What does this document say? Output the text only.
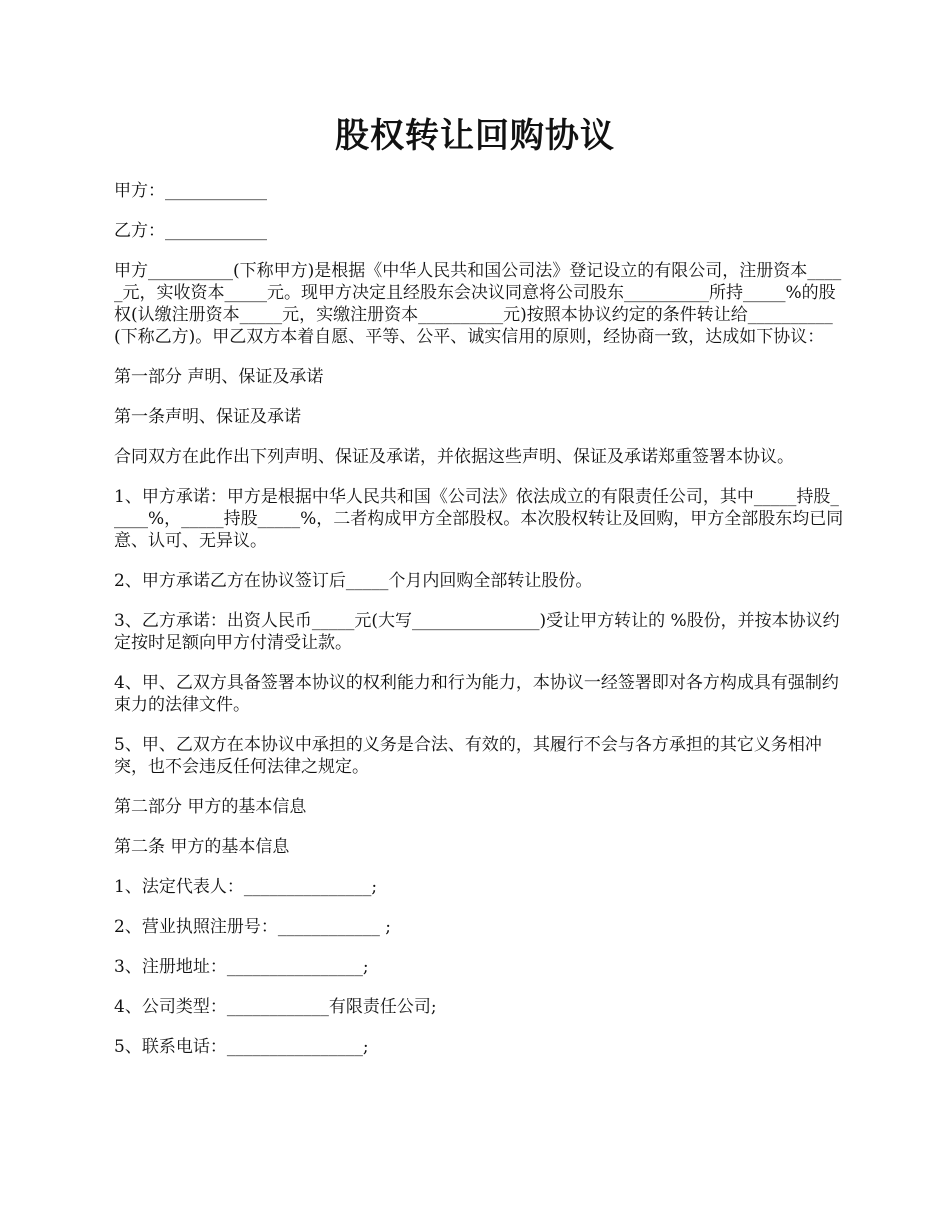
股权转让回购协议

甲方：____________

乙方：____________

甲方__________(下称甲方)是根据《中华人民共和国公司法》登记设立的有限公司，注册资本_____元，实收资本_____元。现甲方决定且经股东会决议同意将公司股东__________所持_____%的股权(认缴注册资本_____元，实缴注册资本__________元)按照本协议约定的条件转让给__________(下称乙方)。甲乙双方本着自愿、平等、公平、诚实信用的原则，经协商一致，达成如下协议：

第一部分 声明、保证及承诺

第一条声明、保证及承诺

合同双方在此作出下列声明、保证及承诺，并依据这些声明、保证及承诺郑重签署本协议。

1、甲方承诺：甲方是根据中华人民共和国《公司法》依法成立的有限责任公司，其中_____持股_____%，_____持股_____%，二者构成甲方全部股权。本次股权转让及回购，甲方全部股东均已同意、认可、无异议。

2、甲方承诺乙方在协议签订后_____个月内回购全部转让股份。

3、乙方承诺：出资人民币_____元(大写_______________)受让甲方转让的 %股份，并按本协议约定按时足额向甲方付清受让款。

4、甲、乙双方具备签署本协议的权利能力和行为能力，本协议一经签署即对各方构成具有强制约束力的法律文件。

5、甲、乙双方在本协议中承担的义务是合法、有效的，其履行不会与各方承担的其它义务相冲突，也不会违反任何法律之规定。

第二部分 甲方的基本信息

第二条 甲方的基本信息

1、法定代表人：_______________;

2、营业执照注册号：____________ ;

3、注册地址：________________;

4、公司类型：____________有限责任公司;

5、联系电话：________________;
